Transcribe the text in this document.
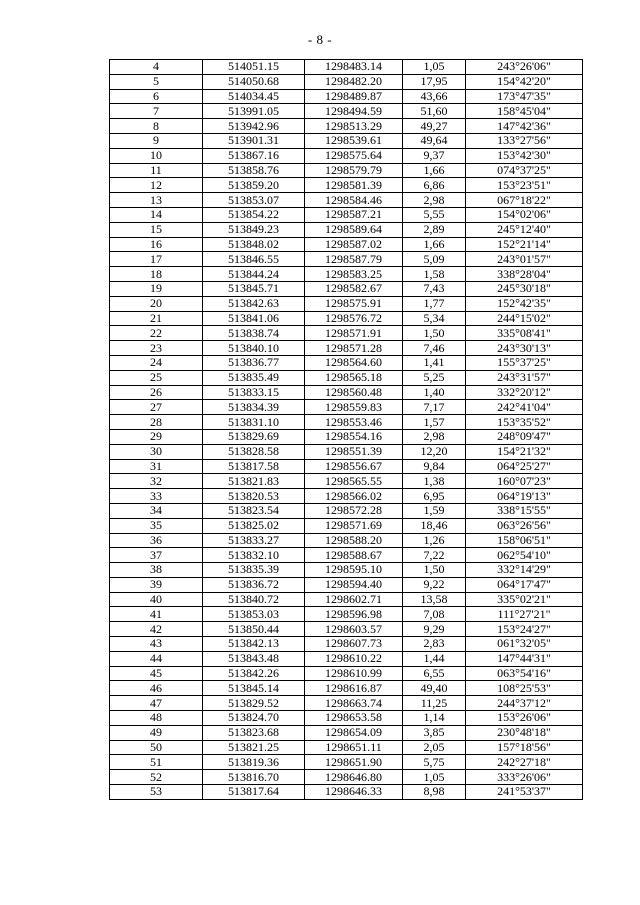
- 8 -
4	514051.15	1298483.14	1,05	243°26'06"
5	514050.68	1298482.20	17,95	154°42'20"
6	514034.45	1298489.87	43,66	173°47'35"
7	513991.05	1298494.59	51,60	158°45'04"
8	513942.96	1298513.29	49,27	147°42'36"
9	513901.31	1298539.61	49,64	133°27'56"
10	513867.16	1298575.64	9,37	153°42'30"
11	513858.76	1298579.79	1,66	074°37'25"
12	513859.20	1298581.39	6,86	153°23'51"
13	513853.07	1298584.46	2,98	067°18'22"
14	513854.22	1298587.21	5,55	154°02'06"
15	513849.23	1298589.64	2,89	245°12'40"
16	513848.02	1298587.02	1,66	152°21'14"
17	513846.55	1298587.79	5,09	243°01'57"
18	513844.24	1298583.25	1,58	338°28'04"
19	513845.71	1298582.67	7,43	245°30'18"
20	513842.63	1298575.91	1,77	152°42'35"
21	513841.06	1298576.72	5,34	244°15'02"
22	513838.74	1298571.91	1,50	335°08'41"
23	513840.10	1298571.28	7,46	243°30'13"
24	513836.77	1298564.60	1,41	155°37'25"
25	513835.49	1298565.18	5,25	243°31'57"
26	513833.15	1298560.48	1,40	332°20'12"
27	513834.39	1298559.83	7,17	242°41'04"
28	513831.10	1298553.46	1,57	153°35'52"
29	513829.69	1298554.16	2,98	248°09'47"
30	513828.58	1298551.39	12,20	154°21'32"
31	513817.58	1298556.67	9,84	064°25'27"
32	513821.83	1298565.55	1,38	160°07'23"
33	513820.53	1298566.02	6,95	064°19'13"
34	513823.54	1298572.28	1,59	338°15'55"
35	513825.02	1298571.69	18,46	063°26'56"
36	513833.27	1298588.20	1,26	158°06'51"
37	513832.10	1298588.67	7,22	062°54'10"
38	513835.39	1298595.10	1,50	332°14'29"
39	513836.72	1298594.40	9,22	064°17'47"
40	513840.72	1298602.71	13,58	335°02'21"
41	513853.03	1298596.98	7,08	111°27'21"
42	513850.44	1298603.57	9,29	153°24'27"
43	513842.13	1298607.73	2,83	061°32'05"
44	513843.48	1298610.22	1,44	147°44'31"
45	513842.26	1298610.99	6,55	063°54'16"
46	513845.14	1298616.87	49,40	108°25'53"
47	513829.52	1298663.74	11,25	244°37'12"
48	513824.70	1298653.58	1,14	153°26'06"
49	513823.68	1298654.09	3,85	230°48'18"
50	513821.25	1298651.11	2,05	157°18'56"
51	513819.36	1298651.90	5,75	242°27'18"
52	513816.70	1298646.80	1,05	333°26'06"
53	513817.64	1298646.33	8,98	241°53'37"
